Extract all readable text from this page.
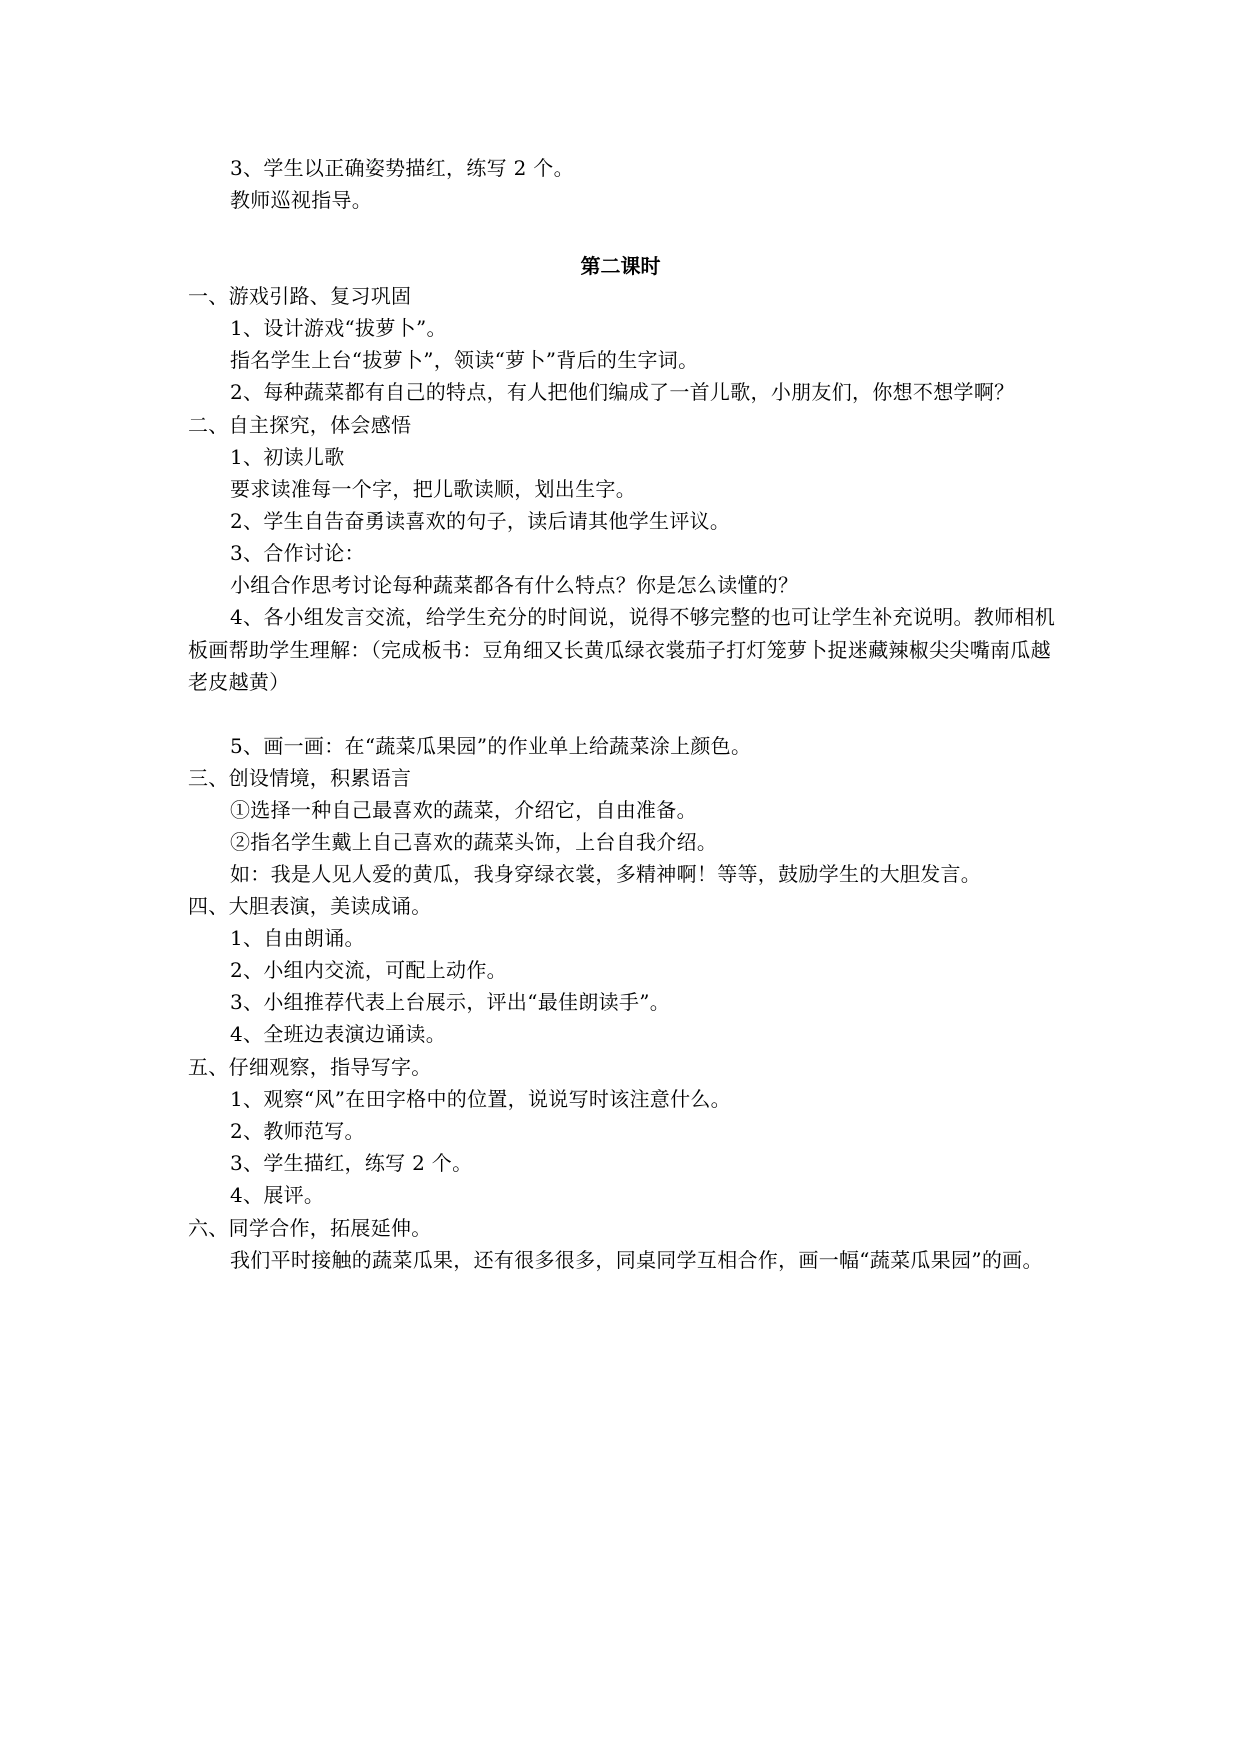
3、学生以正确姿势描红，练写 2 个。
教师巡视指导。
第二课时
一、游戏引路、复习巩固
1、设计游戏“拔萝卜”。
指名学生上台“拔萝卜”，领读“萝卜”背后的生字词。
2、每种蔬菜都有自己的特点，有人把他们编成了一首儿歌，小朋友们，你想不想学啊？
二、自主探究，体会感悟
1、初读儿歌
要求读准每一个字，把儿歌读顺，划出生字。
2、学生自告奋勇读喜欢的句子，读后请其他学生评议。
3、合作讨论：
小组合作思考讨论每种蔬菜都各有什么特点？你是怎么读懂的？
4、各小组发言交流，给学生充分的时间说，说得不够完整的也可让学生补充说明。教师相机板画帮助学生理解：（完成板书：豆角细又长黄瓜绿衣裳茄子打灯笼萝卜捉迷藏辣椒尖尖嘴南瓜越老皮越黄）
5、画一画：在“蔬菜瓜果园”的作业单上给蔬菜涂上颜色。
三、创设情境，积累语言
①选择一种自己最喜欢的蔬菜，介绍它，自由准备。
②指名学生戴上自己喜欢的蔬菜头饰，上台自我介绍。
如：我是人见人爱的黄瓜，我身穿绿衣裳，多精神啊！等等，鼓励学生的大胆发言。
四、大胆表演，美读成诵。
1、自由朗诵。
2、小组内交流，可配上动作。
3、小组推荐代表上台展示，评出“最佳朗读手”。
4、全班边表演边诵读。
五、仔细观察，指导写字。
1、观察“风”在田字格中的位置，说说写时该注意什么。
2、教师范写。
3、学生描红，练写 2 个。
4、展评。
六、同学合作，拓展延伸。
我们平时接触的蔬菜瓜果，还有很多很多，同桌同学互相合作，画一幅“蔬菜瓜果园”的画。
